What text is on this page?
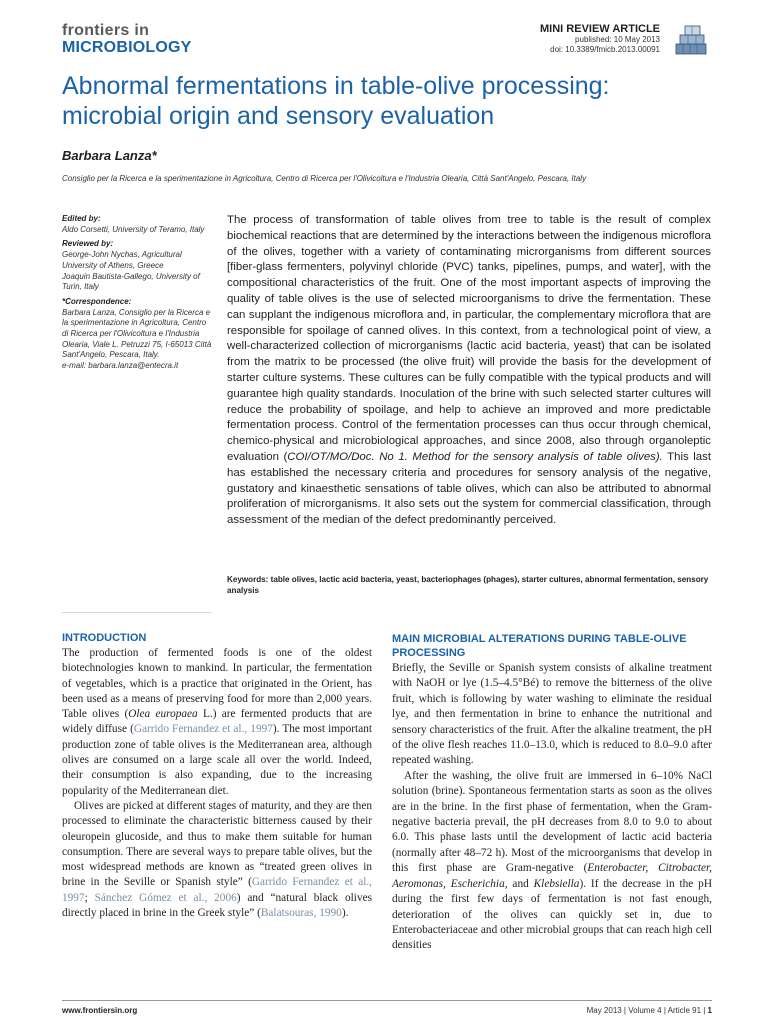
frontiers in
MICROBIOLOGY
MINI REVIEW ARTICLE
published: 10 May 2013
doi: 10.3389/fmicb.2013.00091
Abnormal fermentations in table-olive processing: microbial origin and sensory evaluation
Barbara Lanza*
Consiglio per la Ricerca e la sperimentazione in Agricoltura, Centro di Ricerca per l'Olivicoltura e l'Industria Olearia, Città Sant'Angelo, Pescara, Italy
Edited by:
Aldo Corsetti, University of Teramo, Italy
Reviewed by:
George-John Nychas, Agricultural University of Athens, Greece
Joaquin Bautista-Gallego, University of Turin, Italy
*Correspondence:
Barbara Lanza, Consiglio per la Ricerca e la sperimentazione in Agricoltura, Centro di Ricerca per l'Olivicoltura e l'Industria Olearia, Viale L. Petruzzi 75, I-65013 Città Sant'Angelo, Pescara, Italy.
e-mail: barbara.lanza@entecra.it

The process of transformation of table olives from tree to table is the result of complex biochemical reactions that are determined by the interactions between the indigenous microflora of the olives, together with a variety of contaminating microrganisms from different sources [fiber-glass fermenters, polyvinyl chloride (PVC) tanks, pipelines, pumps, and water], with the compositional characteristics of the fruit. One of the most important aspects of improving the quality of table olives is the use of selected microorganisms to drive the fermentation. These can supplant the indigenous microflora and, in particular, the complementary microflora that are responsible for spoilage of canned olives. In this context, from a technological point of view, a well-characterized collection of microrganisms (lactic acid bacteria, yeast) that can be isolated from the matrix to be processed (the olive fruit) will provide the basis for the development of starter culture systems. These cultures can be fully compatible with the typical products and will guarantee high quality standards. Inoculation of the brine with such selected starter cultures will reduce the probability of spoilage, and help to achieve an improved and more predictable fermentation process. Control of the fermentation processes can thus occur through chemical, chemico-physical and microbiological approaches, and since 2008, also through organoleptic evaluation (COI/OT/MO/Doc. No 1. Method for the sensory analysis of table olives). This last has established the necessary criteria and procedures for sensory analysis of the negative, gustatory and kinaesthetic sensations of table olives, which can also be attributed to abnormal proliferation of microrganisms. It also sets out the system for commercial classification, through assessment of the median of the defect predominantly perceived.

Keywords: table olives, lactic acid bacteria, yeast, bacteriophages (phages), starter cultures, abnormal fermentation, sensory analysis
INTRODUCTION

The production of fermented foods is one of the oldest biotechnologies known to mankind. In particular, the fermentation of vegetables, which is a practice that originated in the Orient, has been used as a means of preserving food for more than 2,000 years. Table olives (Olea europaea L.) are fermented products that are widely diffuse (Garrido Fernandez et al., 1997). The most important production zone of table olives is the Mediterranean area, although olives are consumed on a large scale all over the world. Indeed, their consumption is also expanding, due to the increasing popularity of the Mediterranean diet.

Olives are picked at different stages of maturity, and they are then processed to eliminate the characteristic bitterness caused by their oleuropein glucoside, and thus to make them suitable for human consumption. There are several ways to prepare table olives, but the most widespread methods are known as “treated green olives in brine in the Seville or Spanish style” (Garrido Fernandez et al., 1997; Sánchez Gómez et al., 2006) and “natural black olives directly placed in brine in the Greek style” (Balatsouras, 1990).

MAIN MICROBIAL ALTERATIONS DURING TABLE-OLIVE PROCESSING

Briefly, the Seville or Spanish system consists of alkaline treatment with NaOH or lye (1.5–4.5°Bé) to remove the bitterness of the olive fruit, which is following by water washing to eliminate the residual lye, and then fermentation in brine to enhance the nutritional and sensory characteristics of the fruit. After the alkaline treatment, the pH of the olive flesh reaches 11.0–13.0, which is reduced to 8.0–9.0 after repeated washing.

After the washing, the olive fruit are immersed in 6–10% NaCl solution (brine). Spontaneous fermentation starts as soon as the olives are in the brine. In the first phase of fermentation, when the Gram-negative bacteria prevail, the pH decreases from 8.0 to 9.0 to about 6.0. This phase lasts until the development of lactic acid bacteria (normally after 48–72 h). Most of the microorganisms that develop in this first phase are Gram-negative (Enterobacter, Citrobacter, Aeromonas, Escherichia, and Klebsiella). If the decrease in the pH during the first few days of fermentation is not fast enough, deterioration of the olives can quickly set in, due to Enterobacteriaceae and other microbial groups that can reach high cell densities

www.frontiersin.org	May 2013 | Volume 4 | Article 91 | 1
